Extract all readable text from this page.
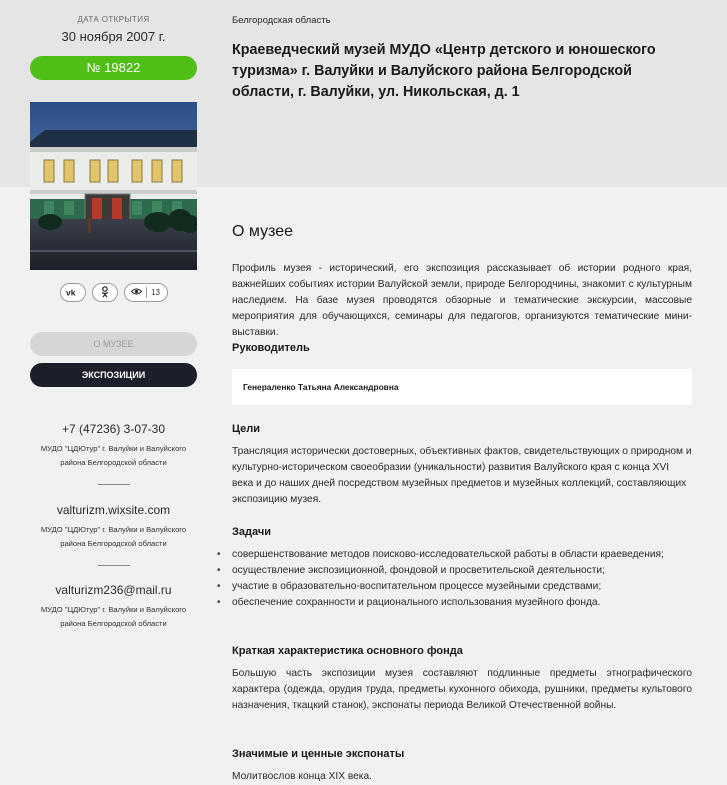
ДАТА ОТКРЫТИЯ
30 ноября 2007 г.
№ 19822
vk	13
О МУЗЕЕ
ЭКСПОЗИЦИИ
+7 (47236) 3-07-30
МУДО "ЦДЮтур" г. Валуйки и Валуйского
района Белгородской области
valturizm.wixsite.com
МУДО "ЦДЮтур" г. Валуйки и Валуйского
района Белгородской области
valturizm236@mail.ru
МУДО "ЦДЮтур" г. Валуйки и Валуйского
района Белгородской области
Белгородская область
Краеведческий музей МУДО «Центр детского и юношеского туризма» г. Валуйки и Валуйского района Белгородской области, г. Валуйки, ул. Никольская, д. 1
О музее
Профиль музея - исторический, его экспозиция рассказывает об истории родного края, важнейших событиях истории Валуйской земли, природе Белгородчины, знакомит с культурным наследием. На базе музея проводятся обзорные и тематические экскурсии, массовые мероприятия для обучающихся, семинары для педагогов, организуются тематические мини-выставки.
Руководитель
Генераленко Татьяна Александровна
Цели
Трансляция исторически достоверных, объективных фактов, свидетельствующих о природном и культурно-историческом своеобразии (уникальности) развития Валуйского края с конца XVI века и до наших дней посредством музейных предметов и музейных коллекций, составляющих экспозицию музея.
Задачи
• совершенствование методов поисково-исследовательской работы в области краеведения;
• осуществление экспозиционной, фондовой и просветительской деятельности;
• участие в образовательно-воспитательном процессе музейными средствами;
• обеспечение сохранности и рационального использования музейного фонда.
Краткая характеристика основного фонда
Большую часть экспозиции музея составляют подлинные предметы этнографического характера (одежда, орудия труда, предметы кухонного обихода, рушники, предметы культового назначения, ткацкий станок), экспонаты периода Великой Отечественной войны.
Значимые и ценные экспонаты
Молитвослов конца XIX века.
